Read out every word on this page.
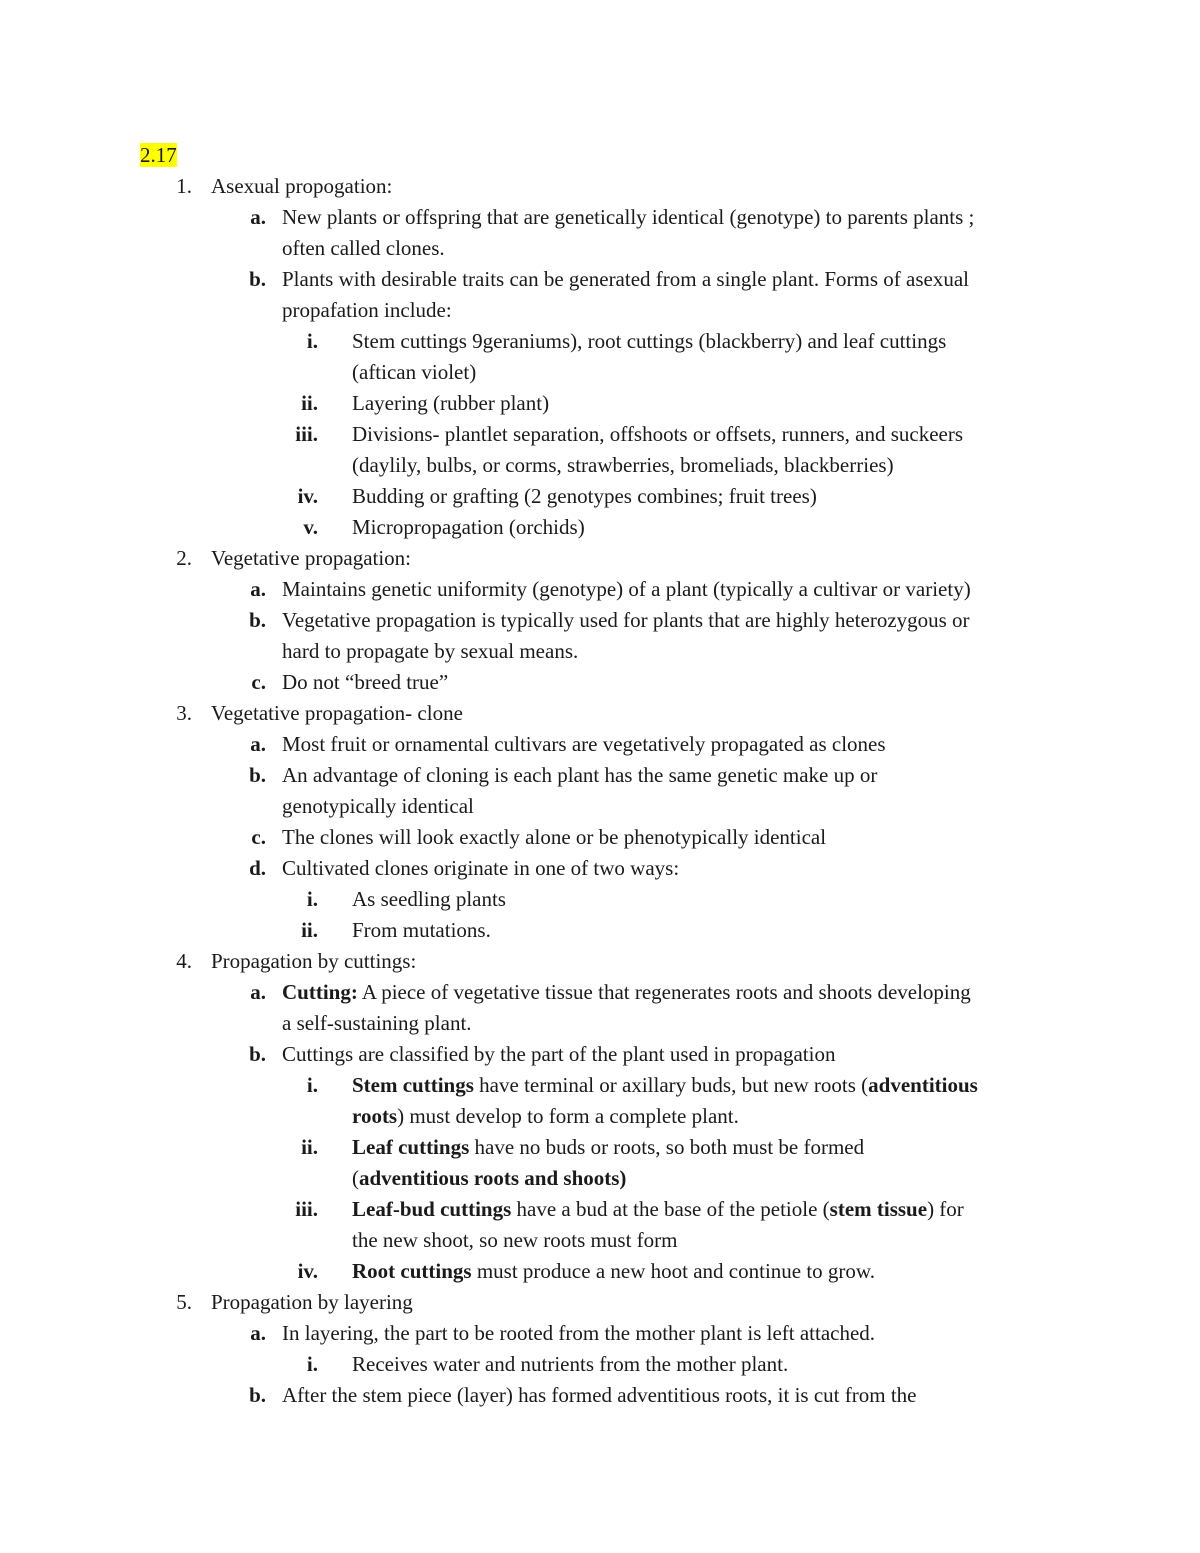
2.17
1. Asexual propogation:
a. New plants or offspring that are genetically identical (genotype) to parents plants ;
often called clones.
b. Plants with desirable traits can be generated from a single plant. Forms of asexual
propafation include:
i. Stem cuttings 9geraniums), root cuttings (blackberry) and leaf cuttings
(aftican violet)
ii. Layering (rubber plant)
iii. Divisions- plantlet separation, offshoots or offsets, runners, and suckeers
(daylily, bulbs, or corms, strawberries, bromeliads, blackberries)
iv. Budding or grafting (2 genotypes combines; fruit trees)
v. Micropropagation (orchids)
2. Vegetative propagation:
a. Maintains genetic uniformity (genotype) of a plant (typically a cultivar or variety)
b. Vegetative propagation is typically used for plants that are highly heterozygous or
hard to propagate by sexual means.
c. Do not “breed true”
3. Vegetative propagation- clone
a. Most fruit or ornamental cultivars are vegetatively propagated as clones
b. An advantage of cloning is each plant has the same genetic make up or
genotypically identical
c. The clones will look exactly alone or be phenotypically identical
d. Cultivated clones originate in one of two ways:
i. As seedling plants
ii. From mutations.
4. Propagation by cuttings:
a. Cutting: A piece of vegetative tissue that regenerates roots and shoots developing
a self-sustaining plant.
b. Cuttings are classified by the part of the plant used in propagation
i. Stem cuttings have terminal or axillary buds, but new roots (adventitious
roots) must develop to form a complete plant.
ii. Leaf cuttings have no buds or roots, so both must be formed
(adventitious roots and shoots)
iii. Leaf-bud cuttings have a bud at the base of the petiole (stem tissue) for
the new shoot, so new roots must form
iv. Root cuttings must produce a new hoot and continue to grow.
5. Propagation by layering
a. In layering, the part to be rooted from the mother plant is left attached.
i. Receives water and nutrients from the mother plant.
b. After the stem piece (layer) has formed adventitious roots, it is cut from the
